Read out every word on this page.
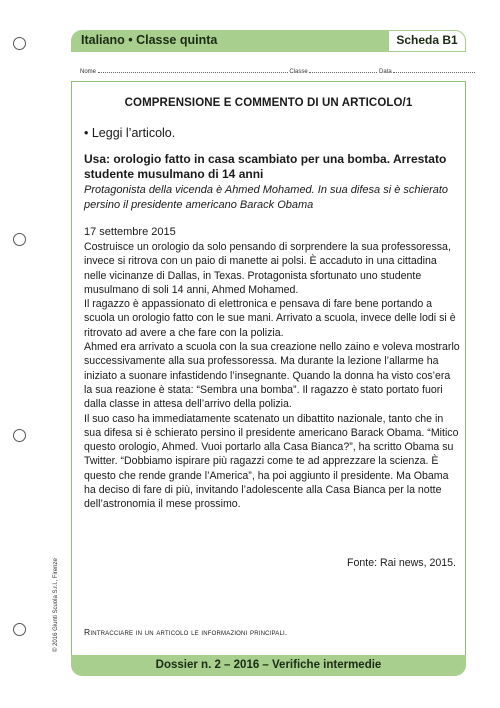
Italiano • Classe quinta	Scheda B1
Nome	Classe	Data
COMPRENSIONE E COMMENTO DI UN ARTICOLO/1
• Leggi l’articolo.
Usa: orologio fatto in casa scambiato per una bomba. Arrestato studente musulmano di 14 anni
Protagonista della vicenda è Ahmed Mohamed. In sua difesa si è schierato persino il presidente americano Barack Obama
17 settembre 2015

Costruisce un orologio da solo pensando di sorprendere la sua professoressa, invece si ritrova con un paio di manette ai polsi. È accaduto in una cittadina nelle vicinanze di Dallas, in Texas. Protagonista sfortunato uno studente musulmano di soli 14 anni, Ahmed Mohamed.

Il ragazzo è appassionato di elettronica e pensava di fare bene portando a scuola un orologio fatto con le sue mani. Arrivato a scuola, invece delle lodi si è ritrovato ad avere a che fare con la polizia.

Ahmed era arrivato a scuola con la sua creazione nello zaino e voleva mostrarlo successivamente alla sua professoressa. Ma durante la lezione l’allarme ha iniziato a suonare infastidendo l’insegnante. Quando la donna ha visto cos’era la sua reazione è stata: “Sembra una bomba”. Il ragazzo è stato portato fuori dalla classe in attesa dell’arrivo della polizia.

Il suo caso ha immediatamente scatenato un dibattito nazionale, tanto che in sua difesa si è schierato persino il presidente americano Barack Obama. “Mitico questo orologio, Ahmed. Vuoi portarlo alla Casa Bianca?”, ha scritto Obama su Twitter. “Dobbiamo ispirare più ragazzi come te ad apprezzare la scienza. È questo che rende grande l’America”, ha poi aggiunto il presidente. Ma Obama ha deciso di fare di più, invitando l’adolescente alla Casa Bianca per la notte dell’astronomia il mese prossimo.

Fonte: Rai news, 2015.
Rintracciare in un articolo le informazioni principali.
© 2016 Giunti Scuola S.r.l., Firenze
Dossier n. 2 – 2016 – Verifiche intermedie
